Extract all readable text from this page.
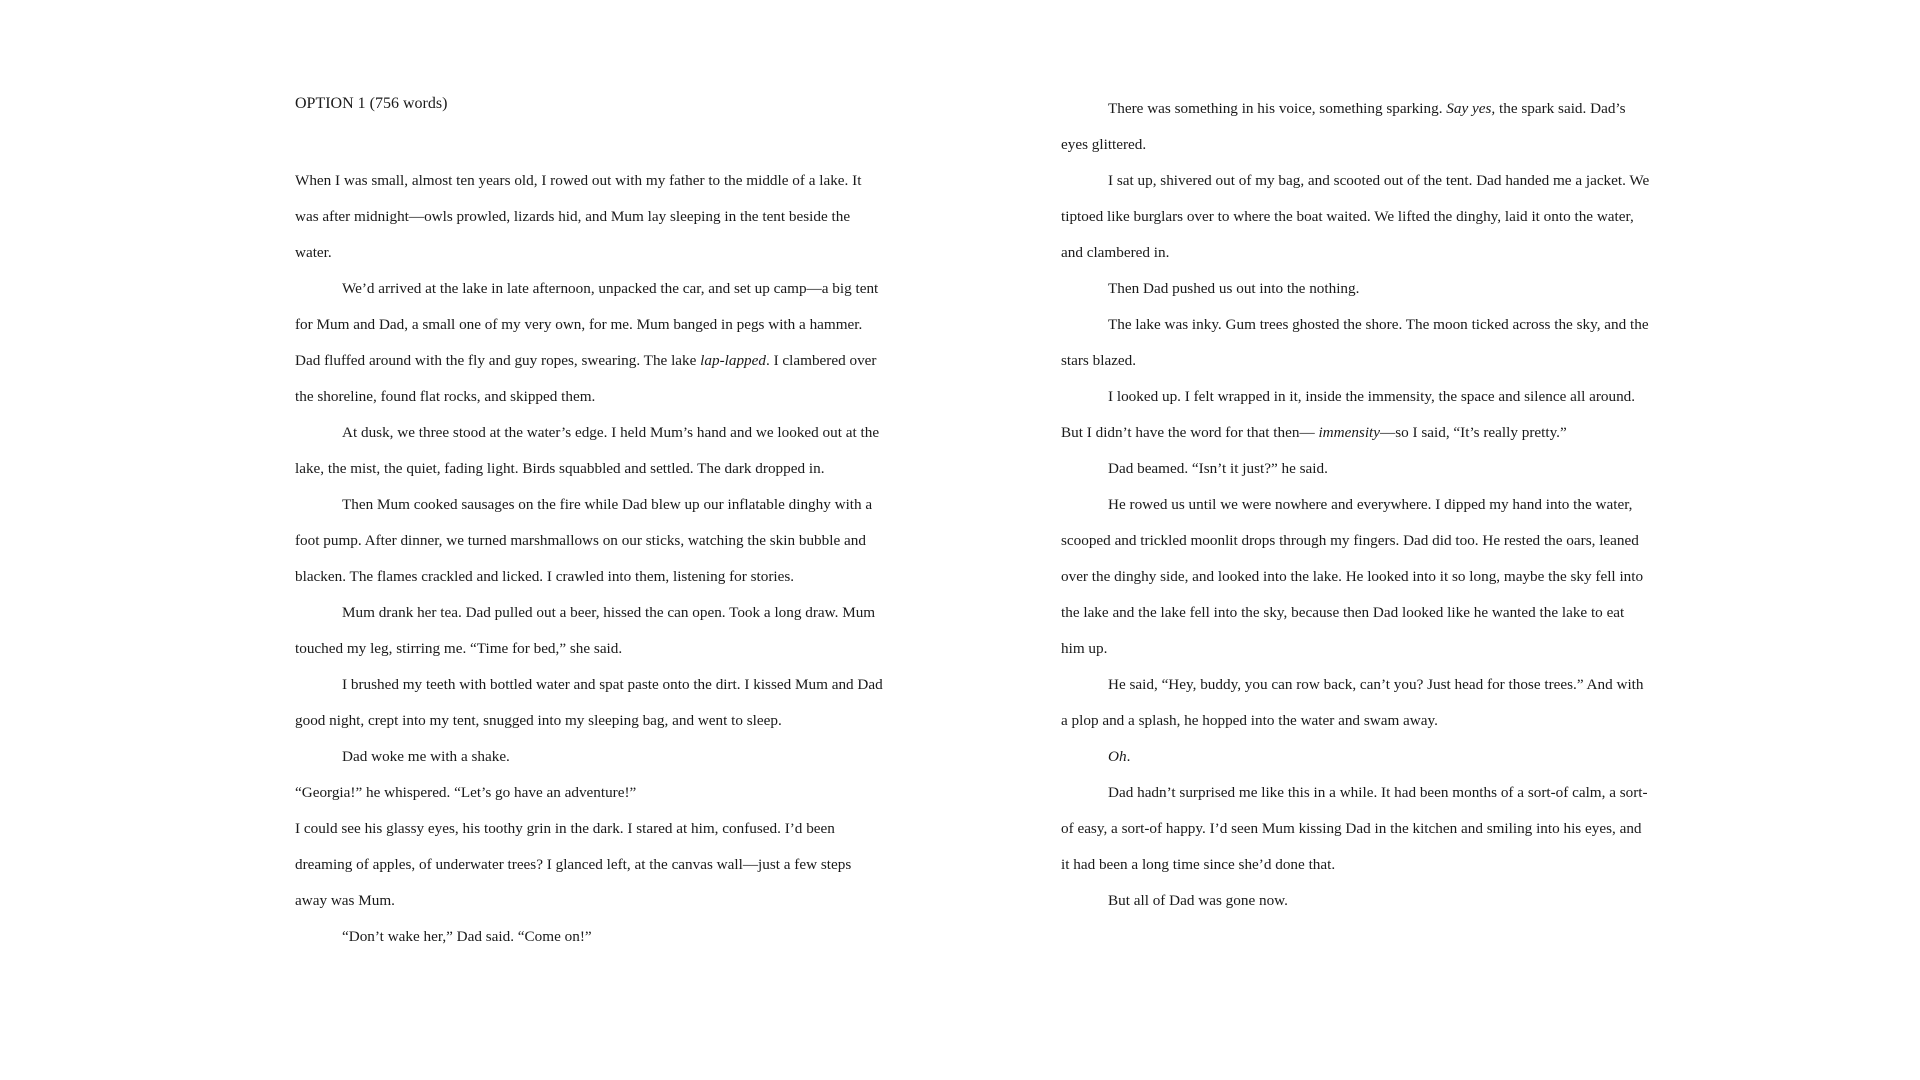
OPTION 1 (756 words)

When I was small, almost ten years old, I rowed out with my father to the middle of a lake. It was after midnight—owls prowled, lizards hid, and Mum lay sleeping in the tent beside the water.

We’d arrived at the lake in late afternoon, unpacked the car, and set up camp—a big tent for Mum and Dad, a small one of my very own, for me. Mum banged in pegs with a hammer. Dad fluffed around with the fly and guy ropes, swearing. The lake lap-lapped. I clambered over the shoreline, found flat rocks, and skipped them.

At dusk, we three stood at the water’s edge. I held Mum’s hand and we looked out at the lake, the mist, the quiet, fading light. Birds squabbled and settled. The dark dropped in.

Then Mum cooked sausages on the fire while Dad blew up our inflatable dinghy with a foot pump. After dinner, we turned marshmallows on our sticks, watching the skin bubble and blacken. The flames crackled and licked. I crawled into them, listening for stories.

Mum drank her tea. Dad pulled out a beer, hissed the can open. Took a long draw. Mum touched my leg, stirring me. “Time for bed,” she said.

I brushed my teeth with bottled water and spat paste onto the dirt. I kissed Mum and Dad good night, crept into my tent, snugged into my sleeping bag, and went to sleep.

Dad woke me with a shake.

“Georgia!” he whispered. “Let’s go have an adventure!”

I could see his glassy eyes, his toothy grin in the dark. I stared at him, confused. I’d been dreaming of apples, of underwater trees? I glanced left, at the canvas wall—just a few steps away was Mum.

“Don’t wake her,” Dad said. “Come on!”

There was something in his voice, something sparking. Say yes, the spark said. Dad’s eyes glittered.

I sat up, shivered out of my bag, and scooted out of the tent. Dad handed me a jacket. We tiptoed like burglars over to where the boat waited. We lifted the dinghy, laid it onto the water, and clambered in.

Then Dad pushed us out into the nothing.

The lake was inky. Gum trees ghosted the shore. The moon ticked across the sky, and the stars blazed.

I looked up. I felt wrapped in it, inside the immensity, the space and silence all around. But I didn’t have the word for that then— immensity—so I said, “It’s really pretty.”

Dad beamed. “Isn’t it just?” he said.

He rowed us until we were nowhere and everywhere. I dipped my hand into the water, scooped and trickled moonlit drops through my fingers. Dad did too. He rested the oars, leaned over the dinghy side, and looked into the lake. He looked into it so long, maybe the sky fell into the lake and the lake fell into the sky, because then Dad looked like he wanted the lake to eat him up.

He said, “Hey, buddy, you can row back, can’t you? Just head for those trees.” And with a plop and a splash, he hopped into the water and swam away.

Oh.

Dad hadn’t surprised me like this in a while. It had been months of a sort-of calm, a sort-of easy, a sort-of happy. I’d seen Mum kissing Dad in the kitchen and smiling into his eyes, and it had been a long time since she’d done that.

But all of Dad was gone now.
